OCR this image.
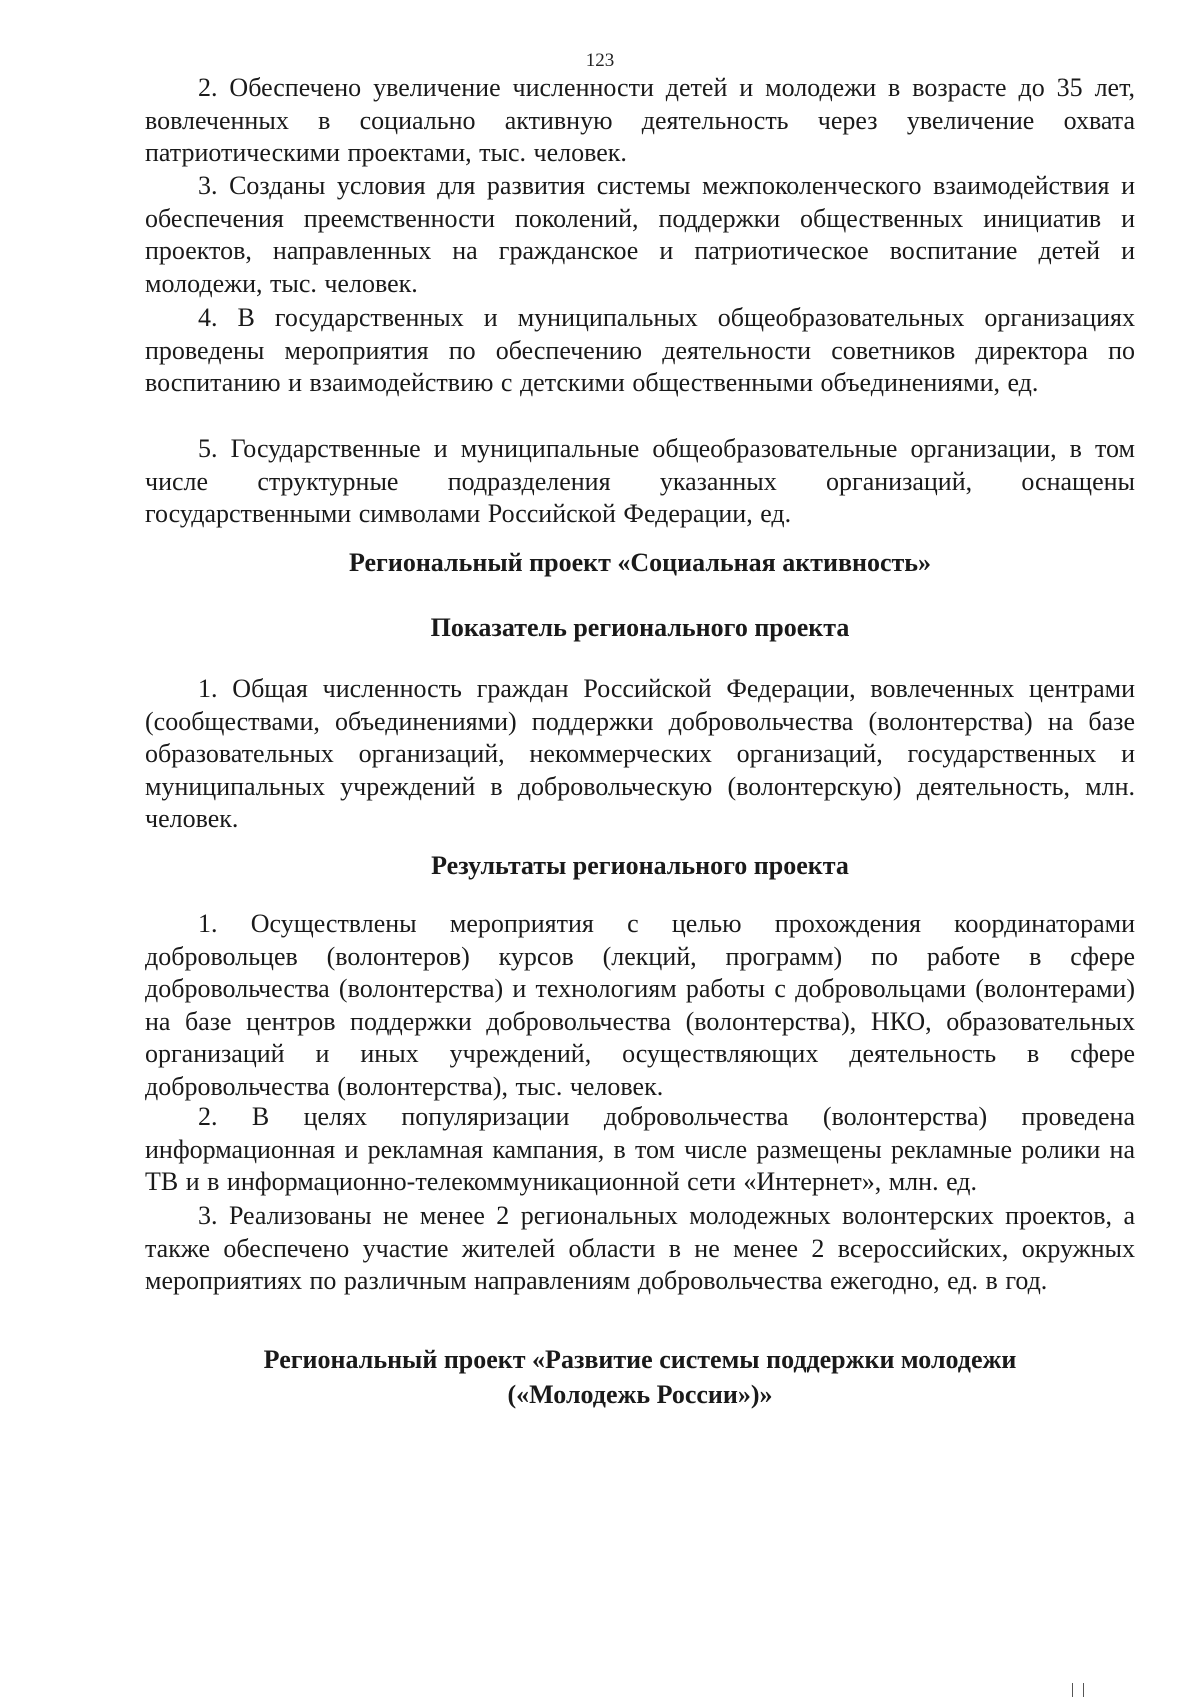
123

2. Обеспечено увеличение численности детей и молодежи в возрасте до 35 лет, вовлеченных в социально активную деятельность через увеличение охвата патриотическими проектами, тыс. человек.

3. Созданы условия для развития системы межпоколенческого взаимодействия и обеспечения преемственности поколений, поддержки общественных инициатив и проектов, направленных на гражданское и патриотическое воспитание детей и молодежи, тыс. человек.

4. В государственных и муниципальных общеобразовательных организациях проведены мероприятия по обеспечению деятельности советников директора по воспитанию и взаимодействию с детскими общественными объединениями, ед.

5. Государственные и муниципальные общеобразовательные организации, в том числе структурные подразделения указанных организаций, оснащены государственными символами Российской Федерации, ед.

Региональный проект «Социальная активность»
Показатель регионального проекта

1. Общая численность граждан Российской Федерации, вовлеченных центрами (сообществами, объединениями) поддержки добровольчества (волонтерства) на базе образовательных организаций, некоммерческих организаций, государственных и муниципальных учреждений в добровольческую (волонтерскую) деятельность, млн. человек.

Результаты регионального проекта

1. Осуществлены мероприятия с целью прохождения координаторами добровольцев (волонтеров) курсов (лекций, программ) по работе в сфере добровольчества (волонтерства) и технологиям работы с добровольцами (волонтерами) на базе центров поддержки добровольчества (волонтерства), НКО, образовательных организаций и иных учреждений, осуществляющих деятельность в сфере добровольчества (волонтерства), тыс. человек.

2. В целях популяризации добровольчества (волонтерства) проведена информационная и рекламная кампания, в том числе размещены рекламные ролики на ТВ и в информационно-телекоммуникационной сети «Интернет», млн. ед.

3. Реализованы не менее 2 региональных молодежных волонтерских проектов, а также обеспечено участие жителей области в не менее 2 всероссийских, окружных мероприятиях по различным направлениям добровольчества ежегодно, ед. в год.

Региональный проект «Развитие системы поддержки молодежи
(«Молодежь России»)»
